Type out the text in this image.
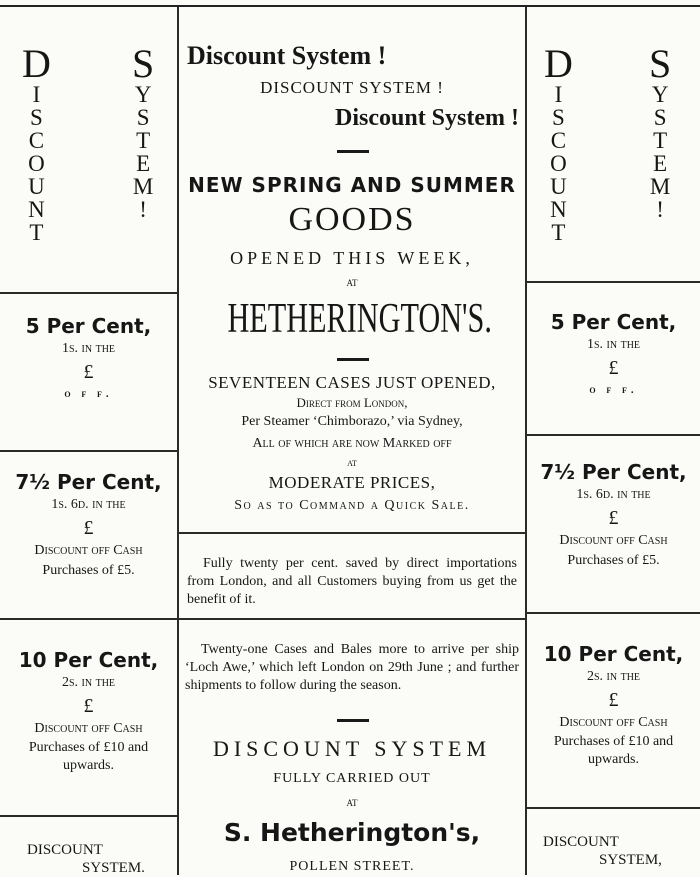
D
I
S
C
O
U
N
T
S
Y
S
T
E
M
!
5 Per Cent,
1s. in the
£
o f f.
7½ Per Cent,
1s. 6d. in the
£
Discount off Cash
Purchases of £5.
10 Per Cent,
2s. in the
£
Discount off Cash
Purchases of £10 and
upwards.
DISCOUNT
SYSTEM.
Discount System !
DISCOUNT SYSTEM !
Discount System !
NEW SPRING AND SUMMER
GOODS
OPENED THIS WEEK,
AT
HETHERINGTON'S.
SEVENTEEN CASES JUST OPENED,
Direct from London,
Per Steamer ‘Chimborazo,’ via Sydney,
All of which are now Marked off
at
MODERATE PRICES,
So as to Command a Quick Sale.
Fully twenty per cent. saved by direct importations from London, and all Customers buying from us get the benefit of it.
Twenty-one Cases and Bales more to arrive per ship ‘Loch Awe,’ which left London on 29th June ; and further shipments to follow during the season.
DISCOUNT SYSTEM
FULLY CARRIED OUT
AT
S. Hetherington's,
POLLEN STREET.
D
I
S
C
O
U
N
T
S
Y
S
T
E
M
!
5 Per Cent,
1s. in the
£
o f f.
7½ Per Cent,
1s. 6d. in the
£
Discount off Cash
Purchases of £5.
10 Per Cent,
2s. in the
£
Discount off Cash
Purchases of £10 and
upwards.
DISCOUNT
SYSTEM,
